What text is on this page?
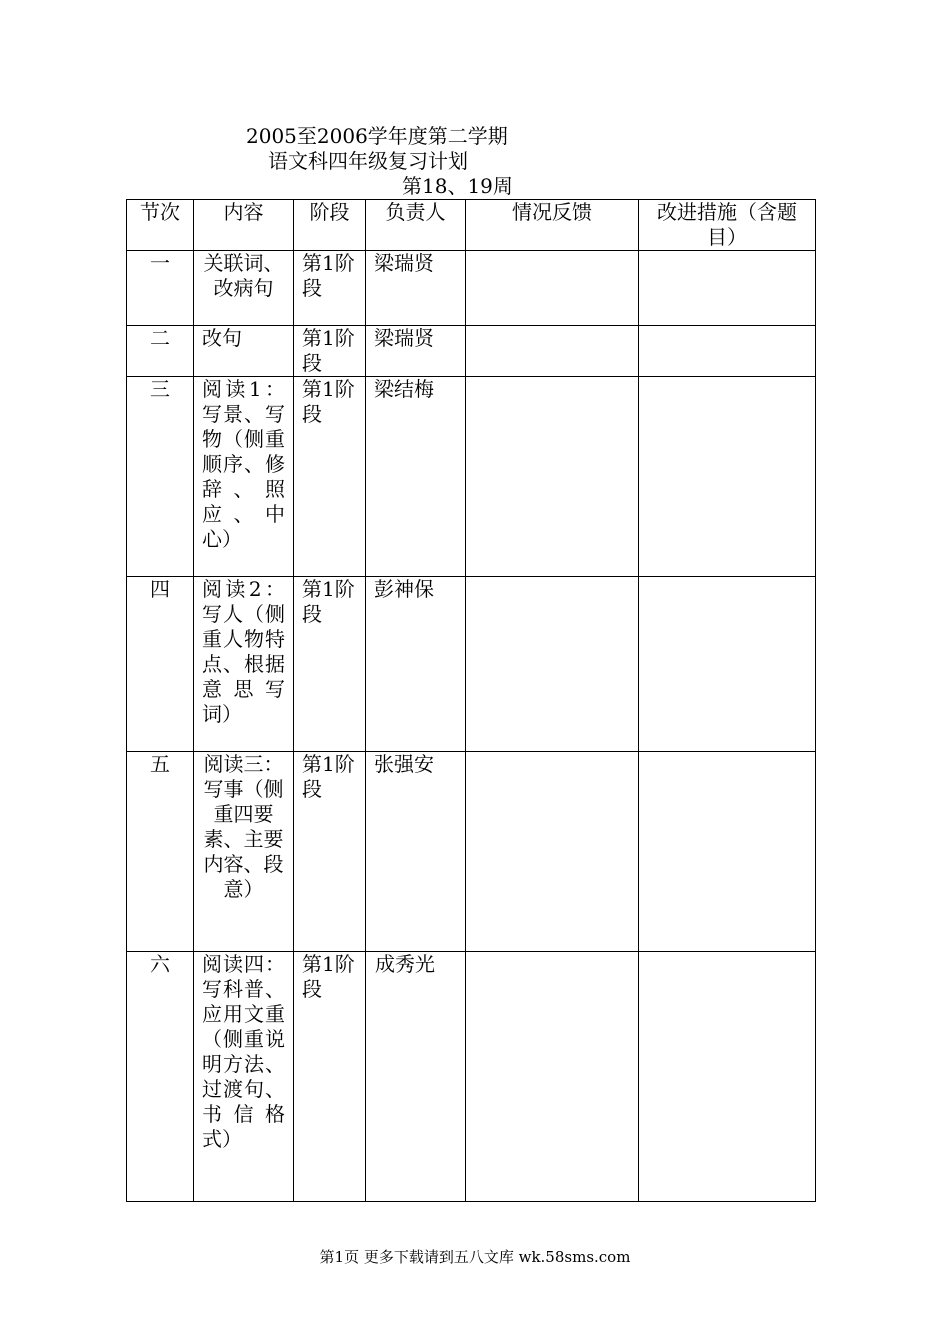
2005至2006学年度第二学期
语文科四年级复习计划
第18、19周
节次	内容	阶段	负责人	情况反馈	改进措施（含题目）
一	关联词、改病句	第1阶段	梁瑞贤		
二	改句	第1阶段	梁瑞贤		
三	阅读1：写景、写物（侧重顺序、修辞、照应、中心）	第1阶段	梁结梅		
四	阅读2：写人（侧重人物特点、根据意思写词）	第1阶段	彭神保		
五	阅读三：写事（侧重四要素、主要内容、段意）	第1阶段	张强安		
六	阅读四：写科普、应用文重（侧重说明方法、过渡句、书信格式）	第1阶段	成秀光		
第1页 更多下载请到五八文库 wk.58sms.com
